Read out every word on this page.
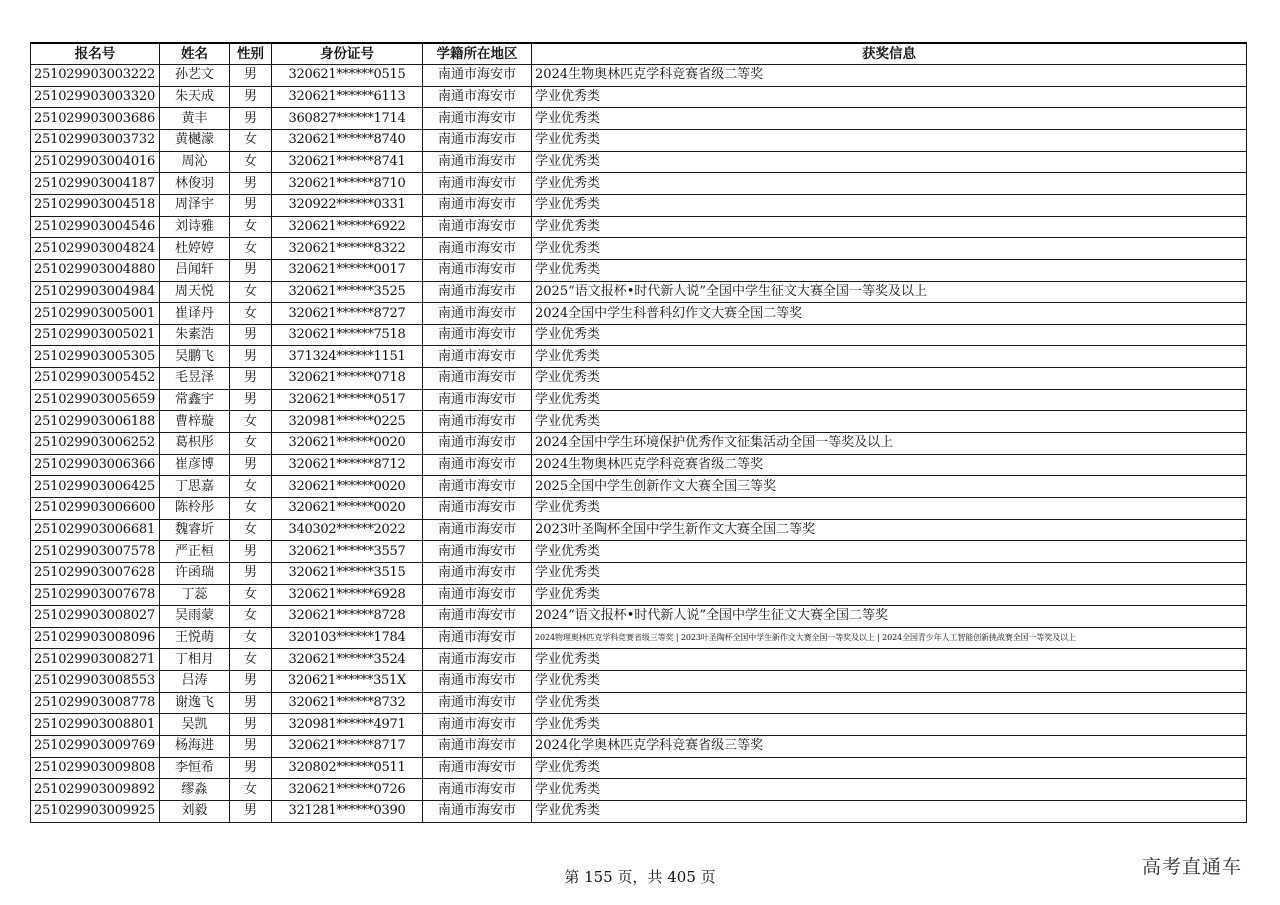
报名号	姓名	性别	身份证号	学籍所在地区	获奖信息
251029903003222	孙艺文	男	320621******0515	南通市海安市	2024生物奥林匹克学科竞赛省级二等奖
251029903003320	朱天成	男	320621******6113	南通市海安市	学业优秀类
251029903003686	黄丰	男	360827******1714	南通市海安市	学业优秀类
251029903003732	黄樾濛	女	320621******8740	南通市海安市	学业优秀类
251029903004016	周沁	女	320621******8741	南通市海安市	学业优秀类
251029903004187	林俊羽	男	320621******8710	南通市海安市	学业优秀类
251029903004518	周泽宇	男	320922******0331	南通市海安市	学业优秀类
251029903004546	刘诗雅	女	320621******6922	南通市海安市	学业优秀类
251029903004824	杜婷婷	女	320621******8322	南通市海安市	学业优秀类
251029903004880	吕闻轩	男	320621******0017	南通市海安市	学业优秀类
251029903004984	周天悦	女	320621******3525	南通市海安市	2025“语文报杯•时代新人说”全国中学生征文大赛全国一等奖及以上
251029903005001	崔译丹	女	320621******8727	南通市海安市	2024全国中学生科普科幻作文大赛全国二等奖
251029903005021	朱素浩	男	320621******7518	南通市海安市	学业优秀类
251029903005305	吴鹏飞	男	371324******1151	南通市海安市	学业优秀类
251029903005452	毛昱泽	男	320621******0718	南通市海安市	学业优秀类
251029903005659	常鑫宇	男	320621******0517	南通市海安市	学业优秀类
251029903006188	曹梓璇	女	320981******0225	南通市海安市	学业优秀类
251029903006252	葛枳彤	女	320621******0020	南通市海安市	2024全国中学生环境保护优秀作文征集活动全国一等奖及以上
251029903006366	崔彦博	男	320621******8712	南通市海安市	2024生物奥林匹克学科竞赛省级二等奖
251029903006425	丁思嘉	女	320621******0020	南通市海安市	2025全国中学生创新作文大赛全国三等奖
251029903006600	陈柃彤	女	320621******0020	南通市海安市	学业优秀类
251029903006681	魏睿圻	女	340302******2022	南通市海安市	2023叶圣陶杯全国中学生新作文大赛全国二等奖
251029903007578	严正桓	男	320621******3557	南通市海安市	学业优秀类
251029903007628	许函瑞	男	320621******3515	南通市海安市	学业优秀类
251029903007678	丁蕊	女	320621******6928	南通市海安市	学业优秀类
251029903008027	吴雨蒙	女	320621******8728	南通市海安市	2024“语文报杯•时代新人说”全国中学生征文大赛全国二等奖
251029903008096	王悦萌	女	320103******1784	南通市海安市	2024物理奥林匹克学科竞赛省级三等奖 | 2023叶圣陶杯全国中学生新作文大赛全国一等奖及以上 | 2024全国青少年人工智能创新挑战赛全国一等奖及以上
251029903008271	丁相月	女	320621******3524	南通市海安市	学业优秀类
251029903008553	吕涛	男	320621******351X	南通市海安市	学业优秀类
251029903008778	谢逸飞	男	320621******8732	南通市海安市	学业优秀类
251029903008801	吴凯	男	320981******4971	南通市海安市	学业优秀类
251029903009769	杨海进	男	320621******8717	南通市海安市	2024化学奥林匹克学科竞赛省级三等奖
251029903009808	李恒希	男	320802******0511	南通市海安市	学业优秀类
251029903009892	缪淼	女	320621******0726	南通市海安市	学业优秀类
251029903009925	刘毅	男	321281******0390	南通市海安市	学业优秀类
第 155 页，共 405 页	高考直通车
